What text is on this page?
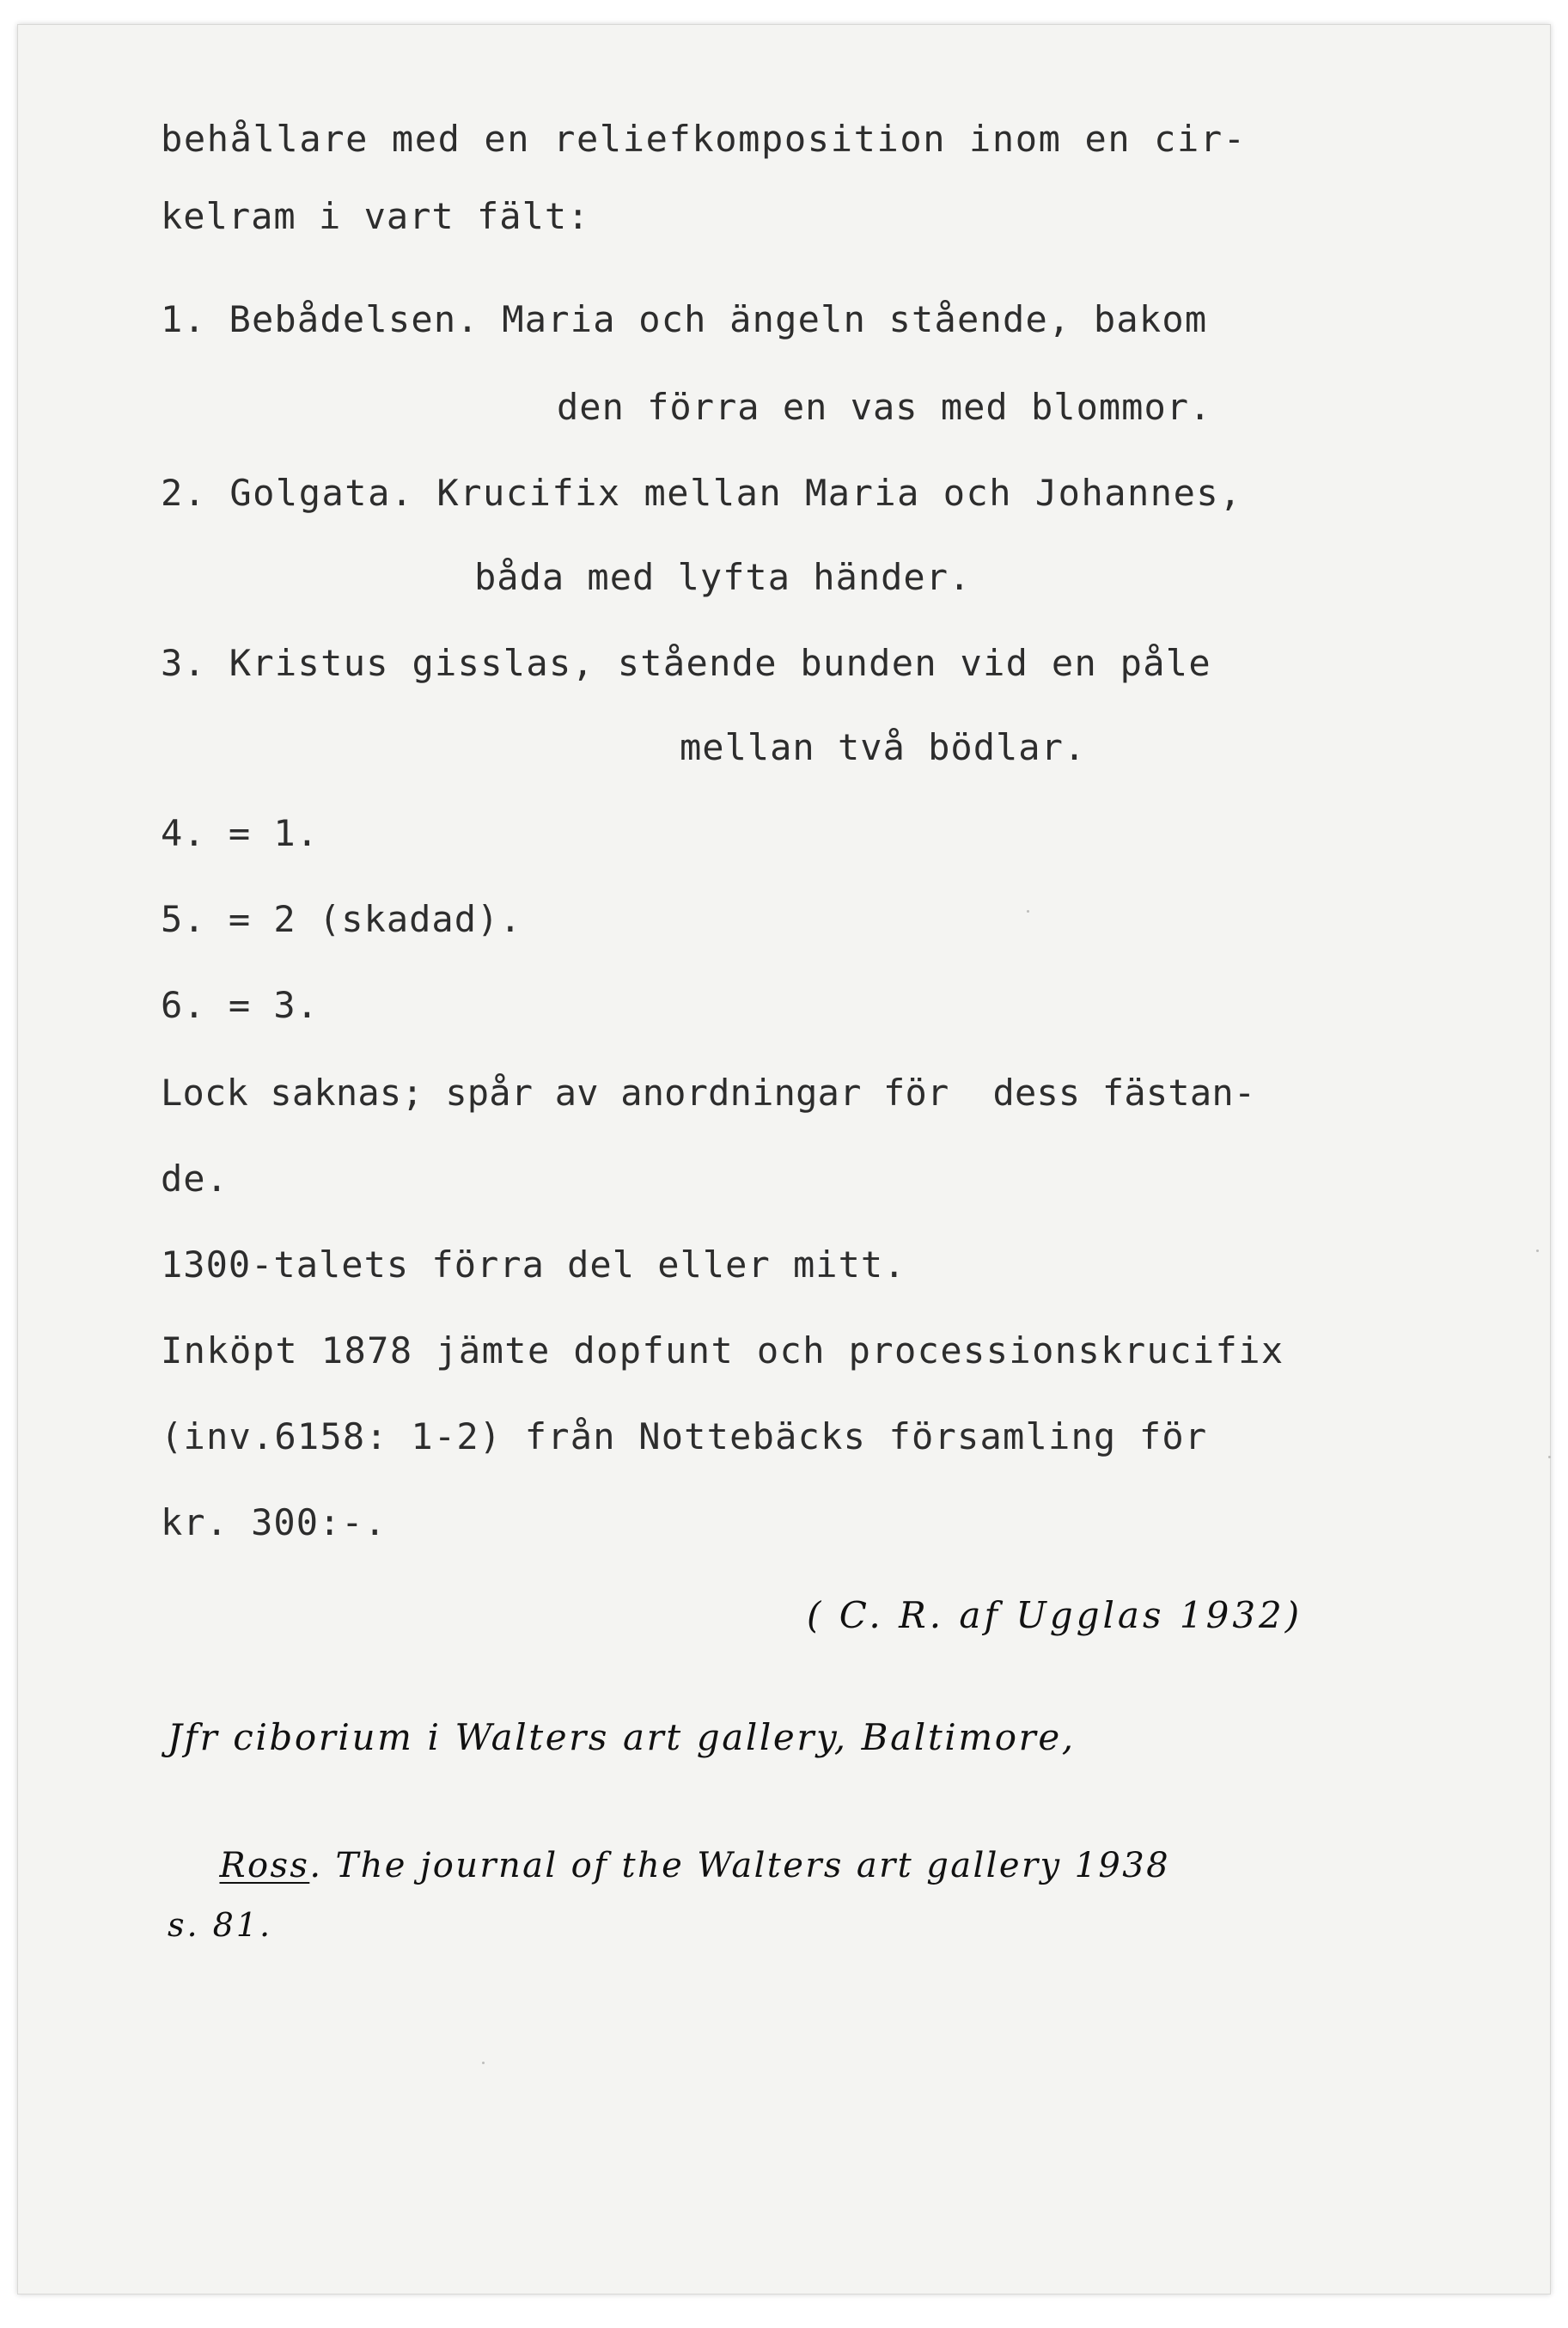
behållare med en reliefkomposition inom en cir-
kelram i vart fält:
1. Bebådelsen. Maria och ängeln stående, bakom
den förra en vas med blommor.
2. Golgata. Krucifix mellan Maria och Johannes,
båda med lyfta händer.
3. Kristus gisslas, stående bunden vid en påle
mellan två bödlar.
4. = 1.
5. = 2 (skadad).
6. = 3.
Lock saknas; spår av anordningar för  dess fästan-
de.
1300-talets förra del eller mitt.
Inköpt 1878 jämte dopfunt och processionskrucifix
(inv.6158: 1-2) från Nottebäcks församling för
kr. 300:-.
( C. R. af Ugglas 1932)
Jfr ciborium i Walters art gallery, Baltimore,

Ross. The journal of the Walters art gallery 1938

s. 81.
